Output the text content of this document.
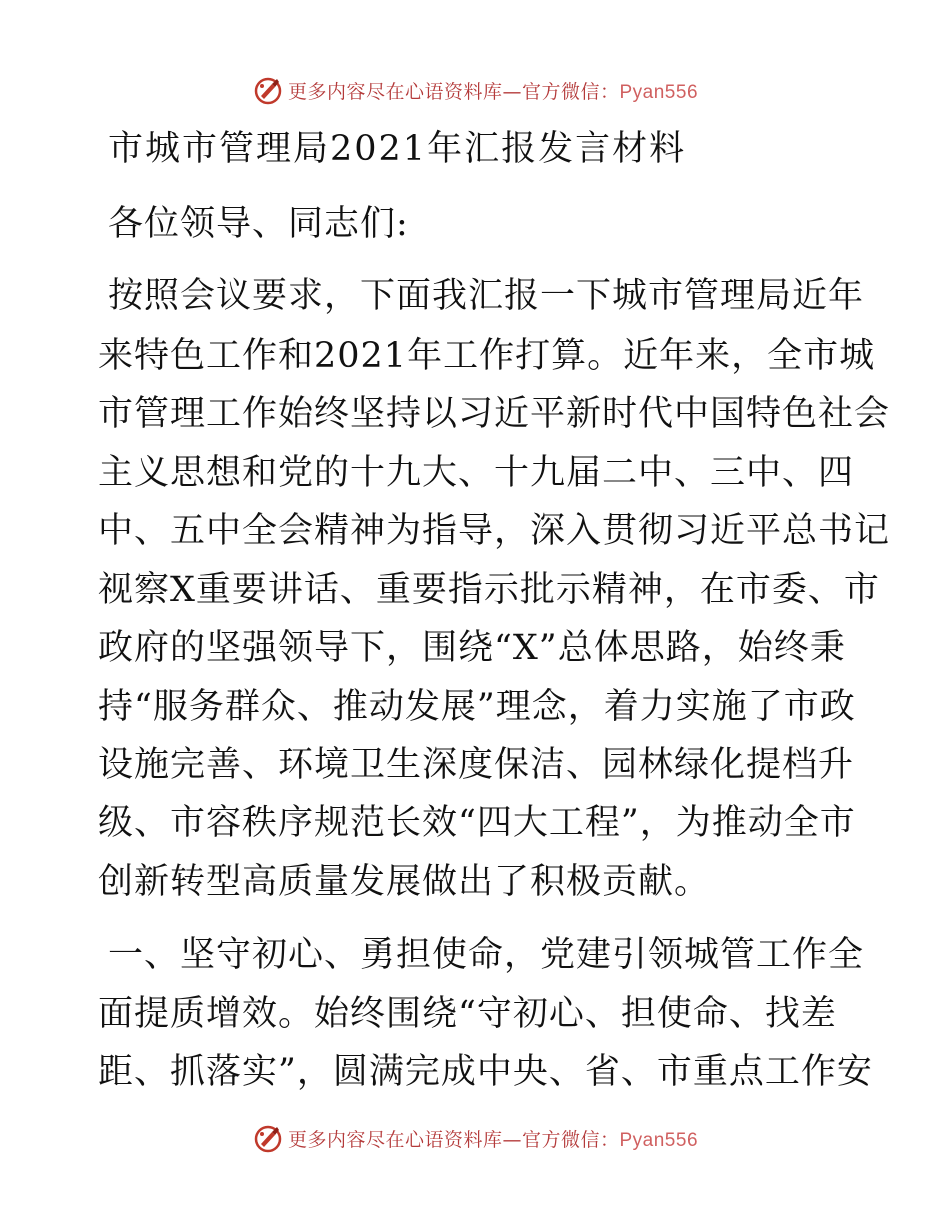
更多内容尽在心语资料库—官方微信：Pyan556
市城市管理局2021年汇报发言材料
各位领导、同志们:
按照会议要求，下面我汇报一下城市管理局近年
来特色工作和2021年工作打算。近年来，全市城
市管理工作始终坚持以习近平新时代中国特色社会
主义思想和党的十九大、十九届二中、三中、四
中、五中全会精神为指导，深入贯彻习近平总书记
视察X重要讲话、重要指示批示精神，在市委、市
政府的坚强领导下，围绕“X”总体思路，始终秉
持“服务群众、推动发展”理念，着力实施了市政
设施完善、环境卫生深度保洁、园林绿化提档升
级、市容秩序规范长效“四大工程”，为推动全市
创新转型高质量发展做出了积极贡献。
一、坚守初心、勇担使命，党建引领城管工作全
面提质增效。始终围绕“守初心、担使命、找差
距、抓落实”，圆满完成中央、省、市重点工作安
更多内容尽在心语资料库—官方微信：Pyan556
